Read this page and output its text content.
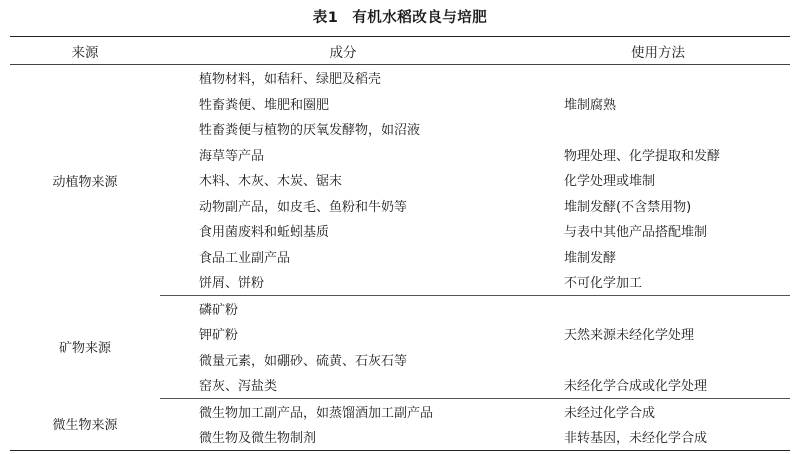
表1 有机水稻改良与培肥
来源	成分	使用方法
动植物来源	植物材料，如秸秆、绿肥及稻壳	
	牲畜粪便、堆肥和圈肥	堆制腐熟
	牲畜粪便与植物的厌氧发酵物，如沼液	
	海草等产品	物理处理、化学提取和发酵
	木料、木灰、木炭、锯末	化学处理或堆制
	动物副产品，如皮毛、鱼粉和牛奶等	堆制发酵(不含禁用物)
	食用菌废料和蚯蚓基质	与表中其他产品搭配堆制
	食品工业副产品	堆制发酵
	饼屑、饼粉	不可化学加工
矿物来源	磷矿粉	
	钾矿粉	天然来源未经化学处理
	微量元素，如硼砂、硫黄、石灰石等	
	窑灰、泻盐类	未经化学合成或化学处理
微生物来源	微生物加工副产品，如蒸馏酒加工副产品	未经过化学合成
	微生物及微生物制剂	非转基因，未经化学合成
